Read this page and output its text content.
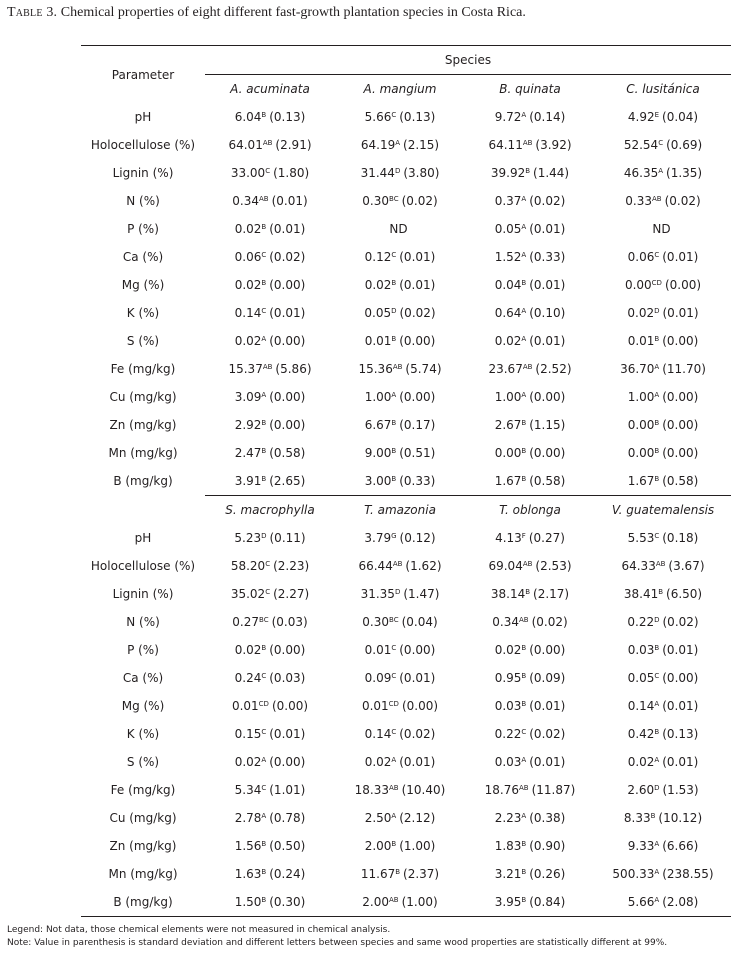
Table 3. Chemical properties of eight different fast-growth plantation species in Costa Rica.
Parameter	Species			
	A. acuminata	A. mangium	B. quinata	C. lusitánica
pH	$6.04^B$ (0.13)	$5.66^C$ (0.13)	$9.72^A$ (0.14)	$4.92^E$ (0.04)
Holocellulose (%)	$64.01^{AB}$ (2.91)	$64.19^A$ (2.15)	$64.11^{AB}$ (3.92)	$52.54^C$ (0.69)
Lignin (%)	$33.00^C$ (1.80)	$31.44^D$ (3.80)	$39.92^B$ (1.44)	$46.35^A$ (1.35)
N (%)	$0.34^{AB}$ (0.01)	$0.30^{BC}$ (0.02)	$0.37^A$ (0.02)	$0.33^{AB}$ (0.02)
P (%)	$0.02^B$ (0.01)	ND	$0.05^A$ (0.01)	ND
Ca (%)	$0.06^C$ (0.02)	$0.12^C$ (0.01)	$1.52^A$ (0.33)	$0.06^C$ (0.01)
Mg (%)	$0.02^B$ (0.00)	$0.02^B$ (0.01)	$0.04^B$ (0.01)	$0.00^{CD}$ (0.00)
K (%)	$0.14^C$ (0.01)	$0.05^D$ (0.02)	$0.64^A$ (0.10)	$0.02^D$ (0.01)
S (%)	$0.02^A$ (0.00)	$0.01^B$ (0.00)	$0.02^A$ (0.01)	$0.01^B$ (0.00)
Fe (mg/kg)	$15.37^{AB}$ (5.86)	$15.36^{AB}$ (5.74)	$23.67^{AB}$ (2.52)	$36.70^A$ (11.70)
Cu (mg/kg)	$3.09^A$ (0.00)	$1.00^A$ (0.00)	$1.00^A$ (0.00)	$1.00^A$ (0.00)
Zn (mg/kg)	$2.92^B$ (0.00)	$6.67^B$ (0.17)	$2.67^B$ (1.15)	$0.00^B$ (0.00)
Mn (mg/kg)	$2.47^B$ (0.58)	$9.00^B$ (0.51)	$0.00^B$ (0.00)	$0.00^B$ (0.00)
B (mg/kg)	$3.91^B$ (2.65)	$3.00^B$ (0.33)	$1.67^B$ (0.58)	$1.67^B$ (0.58)
	S. macrophylla	T. amazonia	T. oblonga	V. guatemalensis
pH	$5.23^D$ (0.11)	$3.79^G$ (0.12)	$4.13^F$ (0.27)	$5.53^C$ (0.18)
Holocellulose (%)	$58.20^C$ (2.23)	$66.44^{AB}$ (1.62)	$69.04^{AB}$ (2.53)	$64.33^{AB}$ (3.67)
Lignin (%)	$35.02^C$ (2.27)	$31.35^D$ (1.47)	$38.14^B$ (2.17)	$38.41^B$ (6.50)
N (%)	$0.27^{BC}$ (0.03)	$0.30^{BC}$ (0.04)	$0.34^{AB}$ (0.02)	$0.22^D$ (0.02)
P (%)	$0.02^B$ (0.00)	$0.01^C$ (0.00)	$0.02^B$ (0.00)	$0.03^B$ (0.01)
Ca (%)	$0.24^C$ (0.03)	$0.09^C$ (0.01)	$0.95^B$ (0.09)	$0.05^C$ (0.00)
Mg (%)	$0.01^{CD}$ (0.00)	$0.01^{CD}$ (0.00)	$0.03^B$ (0.01)	$0.14^A$ (0.01)
K (%)	$0.15^C$ (0.01)	$0.14^C$ (0.02)	$0.22^C$ (0.02)	$0.42^B$ (0.13)
S (%)	$0.02^A$ (0.00)	$0.02^A$ (0.01)	$0.03^A$ (0.01)	$0.02^A$ (0.01)
Fe (mg/kg)	$5.34^C$ (1.01)	$18.33^{AB}$ (10.40)	$18.76^{AB}$ (11.87)	$2.60^D$ (1.53)
Cu (mg/kg)	$2.78^A$ (0.78)	$2.50^A$ (2.12)	$2.23^A$ (0.38)	$8.33^B$ (10.12)
Zn (mg/kg)	$1.56^B$ (0.50)	$2.00^B$ (1.00)	$1.83^B$ (0.90)	$9.33^A$ (6.66)
Mn (mg/kg)	$1.63^B$ (0.24)	$11.67^B$ (2.37)	$3.21^B$ (0.26)	$500.33^A$ (238.55)
B (mg/kg)	$1.50^B$ (0.30)	$2.00^{AB}$ (1.00)	$3.95^B$ (0.84)	$5.66^A$ (2.08)
Legend: Not data, those chemical elements were not measured in chemical analysis.
Note: Value in parenthesis is standard deviation and different letters between species and same wood properties are statistically different at 99%.
